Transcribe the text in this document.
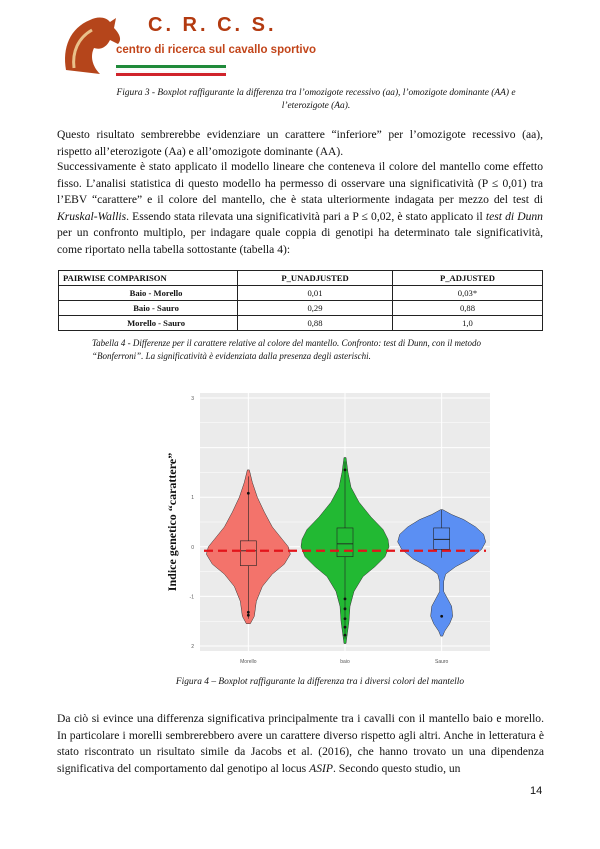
C. R. C. S.
centro di ricerca sul cavallo sportivo
Figura 3 - Boxplot raffigurante la differenza tra l’omozigote recessivo (aa), l’omozigote dominante (AA) e l’eterozigote (Aa).
Questo risultato sembrerebbe evidenziare un carattere “inferiore” per l’omozigote recessivo (aa), rispetto all’eterozigote (Aa) e all’omozigote dominante (AA).
Successivamente è stato applicato il modello lineare che conteneva il colore del mantello come effetto fisso. L’analisi statistica di questo modello ha permesso di osservare una significatività (P ≤ 0,01) tra l’EBV “carattere” e il colore del mantello, che è stata ulteriormente indagata per mezzo del test di Kruskal-Wallis. Essendo stata rilevata una significatività pari a P ≤ 0,02, è stato applicato il test di Dunn per un confronto multiplo, per indagare quale coppia di genotipi ha determinato tale significatività, come riportato nella tabella sottostante (tabella 4):
PAIRWISE COMPARISON	P_UNADJUSTED	P_ADJUSTED
Baio - Morello	0,01	0,03*
Baio - Sauro	0,29	0,88
Morello - Sauro	0,88	1,0
Tabella 4 - Differenze per il carattere relative al colore del mantello. Confronto: test di Dunn, con il metodo “Bonferroni”. La significatività è evidenziata dalla presenza degli asterischi.
3
1
0
-1
2
Indice genetico “carattere”
Morello	baio	Sauro
Figura 4 – Boxplot raffigurante la differenza tra i diversi colori del mantello
Da ciò si evince una differenza significativa principalmente tra i cavalli con il mantello baio e morello. In particolare i morelli sembrerebbero avere un carattere diverso rispetto agli altri. Anche in letteratura è stato riscontrato un risultato simile da Jacobs et al. (2016), che hanno trovato un una dipendenza significativa del comportamento dal genotipo al locus ASIP. Secondo questo studio, un
14
